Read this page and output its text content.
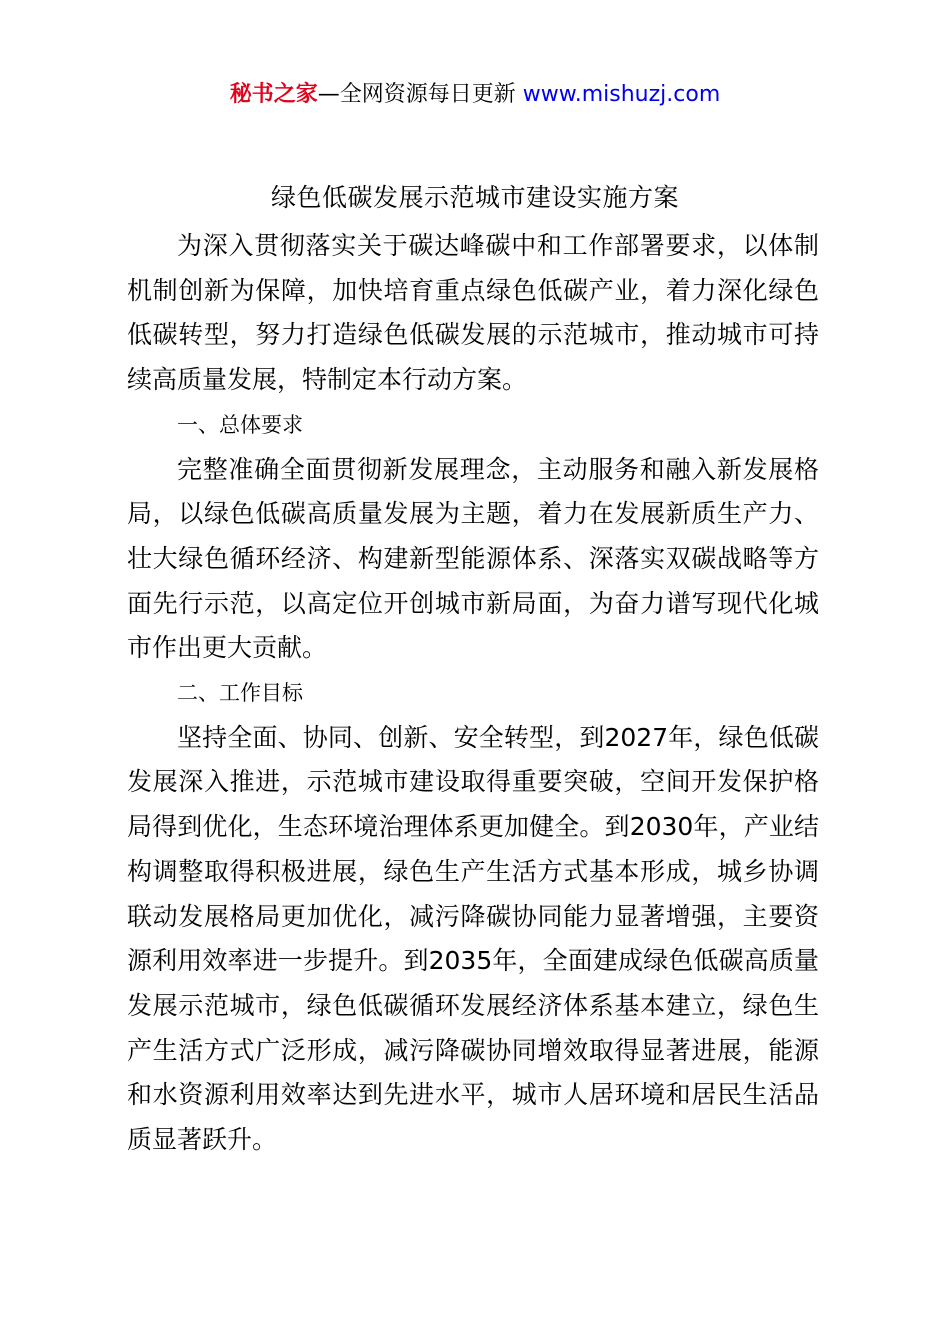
秘书之家—全网资源每日更新 www.mishuzj.com
绿色低碳发展示范城市建设实施方案

为深入贯彻落实关于碳达峰碳中和工作部署要求，以体制机制创新为保障，加快培育重点绿色低碳产业，着力深化绿色低碳转型，努力打造绿色低碳发展的示范城市，推动城市可持续高质量发展，特制定本行动方案。

一、总体要求

完整准确全面贯彻新发展理念，主动服务和融入新发展格局，以绿色低碳高质量发展为主题，着力在发展新质生产力、壮大绿色循环经济、构建新型能源体系、深落实双碳战略等方面先行示范，以高定位开创城市新局面，为奋力谱写现代化城市作出更大贡献。

二、工作目标

坚持全面、协同、创新、安全转型，到2027年，绿色低碳发展深入推进，示范城市建设取得重要突破，空间开发保护格局得到优化，生态环境治理体系更加健全。到2030年，产业结构调整取得积极进展，绿色生产生活方式基本形成，城乡协调联动发展格局更加优化，减污降碳协同能力显著增强，主要资源利用效率进一步提升。到2035年，全面建成绿色低碳高质量发展示范城市，绿色低碳循环发展经济体系基本建立，绿色生产生活方式广泛形成，减污降碳协同增效取得显著进展，能源和水资源利用效率达到先进水平，城市人居环境和居民生活品质显著跃升。
